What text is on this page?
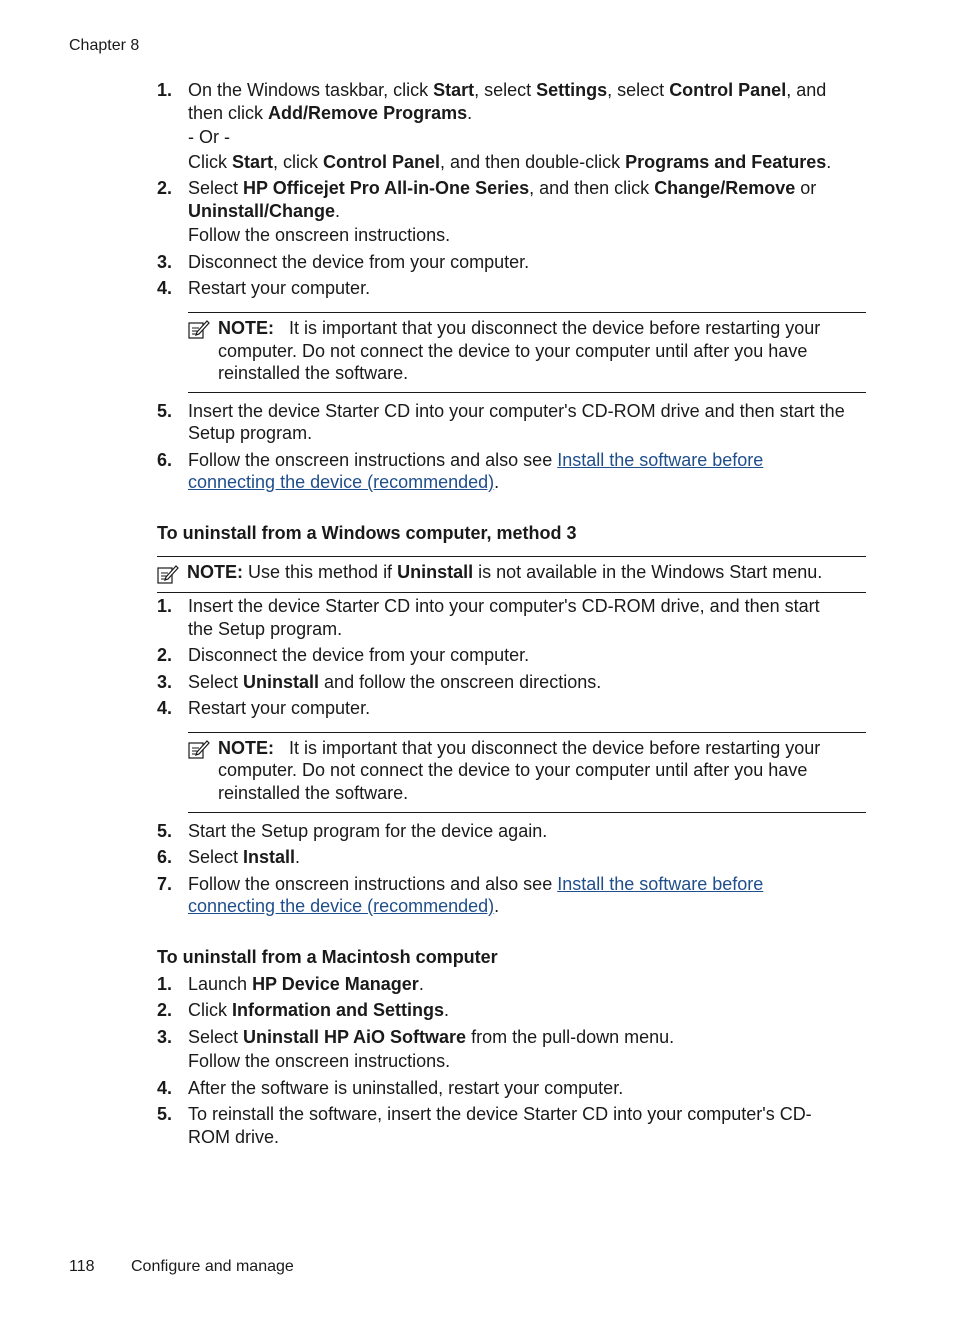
Chapter 8
1. On the Windows taskbar, click Start, select Settings, select Control Panel, and
then click Add/Remove Programs.
- Or -
Click Start, click Control Panel, and then double-click Programs and Features.
2. Select HP Officejet Pro All-in-One Series, and then click Change/Remove or
Uninstall/Change.
Follow the onscreen instructions.
3. Disconnect the device from your computer.
4. Restart your computer.
NOTE: It is important that you disconnect the device before restarting your
computer. Do not connect the device to your computer until after you have
reinstalled the software.
5. Insert the device Starter CD into your computer's CD-ROM drive and then start the
Setup program.
6. Follow the onscreen instructions and also see Install the software before
connecting the device (recommended).
To uninstall from a Windows computer, method 3
NOTE: Use this method if Uninstall is not available in the Windows Start menu.
1. Insert the device Starter CD into your computer's CD-ROM drive, and then start
the Setup program.
2. Disconnect the device from your computer.
3. Select Uninstall and follow the onscreen directions.
4. Restart your computer.
NOTE: It is important that you disconnect the device before restarting your
computer. Do not connect the device to your computer until after you have
reinstalled the software.
5. Start the Setup program for the device again.
6. Select Install.
7. Follow the onscreen instructions and also see Install the software before
connecting the device (recommended).
To uninstall from a Macintosh computer
1. Launch HP Device Manager.
2. Click Information and Settings.
3. Select Uninstall HP AiO Software from the pull-down menu.
Follow the onscreen instructions.
4. After the software is uninstalled, restart your computer.
5. To reinstall the software, insert the device Starter CD into your computer's CD-
ROM drive.
118 Configure and manage
